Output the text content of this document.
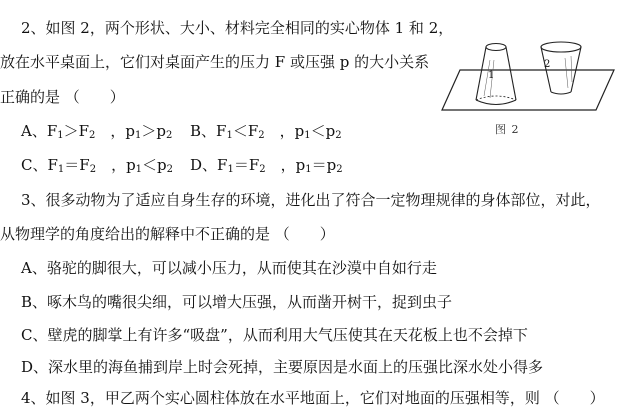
2、如图 2，两个形状、大小、材料完全相同的实心物体 1 和 2，
放在水平桌面上，它们对桌面产生的压力 F 或压强 p 的大小关系
正确的是 （　　）
A、$F_1>F_2$　，$p_1>p_2$ B、$F_1<F_2$　，$p_1<p_2$
C、$F_1=F_2$　，$p_1<p_2$ D、$F_1=F_2$　，$p_1=p_2$
1
2
图 2
3、很多动物为了适应自身生存的环境，进化出了符合一定物理规律的身体部位，对此，
从物理学的角度给出的解释中不正确的是 （　　）
A、骆驼的脚很大，可以减小压力，从而使其在沙漠中自如行走
B、啄木鸟的嘴很尖细，可以增大压强，从而凿开树干，捉到虫子
C、壁虎的脚掌上有许多“吸盘”，从而利用大气压使其在天花板上也不会掉下
D、深水里的海鱼捕到岸上时会死掉，主要原因是水面上的压强比深水处小得多
4、如图 3，甲乙两个实心圆柱体放在水平地面上，它们对地面的压强相等，则 （　　）
